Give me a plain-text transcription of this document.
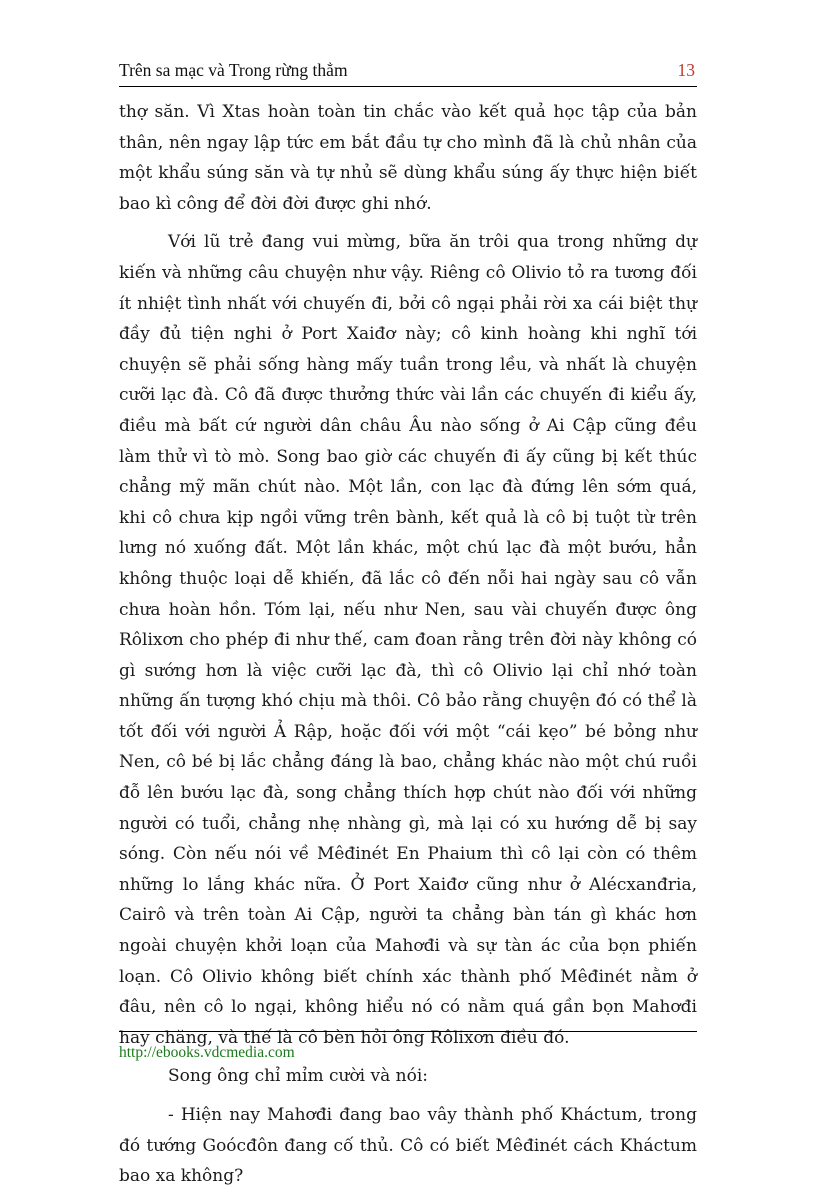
Trên sa mạc và Trong rừng thẳm	13

thợ săn. Vì Xtas hoàn toàn tin chắc vào kết quả học tập của bản thân, nên ngay lập tức em bắt đầu tự cho mình đã là chủ nhân của một khẩu súng săn và tự nhủ sẽ dùng khẩu súng ấy thực hiện biết bao kì công để đời đời được ghi nhớ.

Với lũ trẻ đang vui mừng, bữa ăn trôi qua trong những dự kiến và những câu chuyện như vậy. Riêng cô Olivio tỏ ra tương đối ít nhiệt tình nhất với chuyến đi, bởi cô ngại phải rời xa cái biệt thự đầy đủ tiện nghi ở Port Xaiđơ này; cô kinh hoàng khi nghĩ tới chuyện sẽ phải sống hàng mấy tuần trong lều, và nhất là chuyện cưỡi lạc đà. Cô đã được thưởng thức vài lần các chuyến đi kiểu ấy, điều mà bất cứ người dân châu Âu nào sống ở Ai Cập cũng đều làm thử vì tò mò. Song bao giờ các chuyến đi ấy cũng bị kết thúc chẳng mỹ mãn chút nào. Một lần, con lạc đà đứng lên sớm quá, khi cô chưa kịp ngồi vững trên bành, kết quả là cô bị tuột từ trên lưng nó xuống đất. Một lần khác, một chú lạc đà một bướu, hẳn không thuộc loại dễ khiến, đã lắc cô đến nỗi hai ngày sau cô vẫn chưa hoàn hồn. Tóm lại, nếu như Nen, sau vài chuyến được ông Rôlixơn cho phép đi như thế, cam đoan rằng trên đời này không có gì sướng hơn là việc cưỡi lạc đà, thì cô Olivio lại chỉ nhớ toàn những ấn tượng khó chịu mà thôi. Cô bảo rằng chuyện đó có thể là tốt đối với người Ả Rập, hoặc đối với một “cái kẹo” bé bỏng như Nen, cô bé bị lắc chẳng đáng là bao, chẳng khác nào một chú ruồi đỗ lên bướu lạc đà, song chẳng thích hợp chút nào đối với những người có tuổi, chẳng nhẹ nhàng gì, mà lại có xu hướng dễ bị say sóng. Còn nếu nói về Mêđinét En Phaium thì cô lại còn có thêm những lo lắng khác nữa. Ở Port Xaiđơ cũng như ở Alécxanđria, Cairô và trên toàn Ai Cập, người ta chẳng bàn tán gì khác hơn ngoài chuyện khởi loạn của Mahơđi và sự tàn ác của bọn phiến loạn. Cô Olivio không biết chính xác thành phố Mêđinét nằm ở đâu, nên cô lo ngại, không hiểu nó có nằm quá gần bọn Mahơđi hay chăng, và thế là cô bèn hỏi ông Rôlixơn điều đó.

Song ông chỉ mỉm cười và nói:

- Hiện nay Mahơđi đang bao vây thành phố Kháctum, trong đó tướng Goócđôn đang cố thủ. Cô có biết Mêđinét cách Kháctum bao xa không?

http://ebooks.vdcmedia.com
